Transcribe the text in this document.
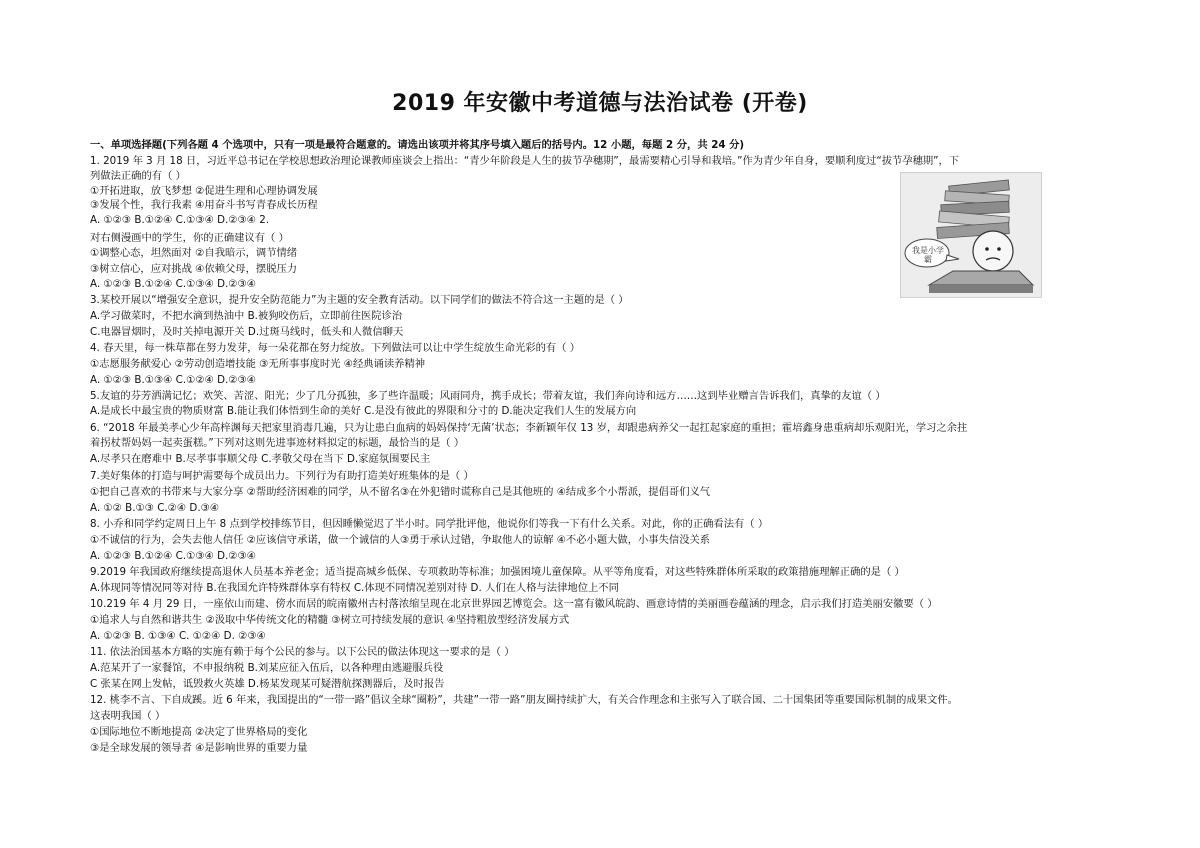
2019 年安徽中考道德与法治试卷 (开卷)
一、单项选择题(下列各题 4 个选项中，只有一项是最符合题意的。请选出该项并将其序号填入题后的括号内。12 小题，每题 2 分，共 24 分)
1. 2019 年 3 月 18 日，习近平总书记在学校思想政治理论课教师座谈会上指出：“青少年阶段是人生的拔节孕穗期”，最需要精心引导和栽培。”作为青少年自身，要顺利度过“拔节孕穗期”，下
列做法正确的有（ ）
①开拓进取，放飞梦想 ②促进生理和心理协调发展
③发展个性，我行我素 ④用奋斗书写青春成长历程
A. ①②③ B.①②④ C.①③④ D.②③④ 2.
对右侧漫画中的学生，你的正确建议有（ ）
①调整心态，坦然面对 ②自我暗示，调节情绪
③树立信心，应对挑战 ④依赖父母，摆脱压力
A. ①②③ B.①②④ C.①③④ D.②③④
3.某校开展以“增强安全意识，提升安全防范能力”为主题的安全教育活动。以下同学们的做法不符合这一主题的是（ ）
A.学习做菜时，不把水滴到热油中 B.被狗咬伤后，立即前往医院诊治
C.电器冒烟时，及时关掉电源开关 D.过斑马线时，低头和人微信聊天
4. 春天里，每一株草都在努力发芽，每一朵花都在努力绽放。下列做法可以让中学生绽放生命光彩的有（ ）
①志愿服务献爱心 ②劳动创造增技能 ③无所事事度时光 ④经典诵读养精神
A. ①②③ B.①③④ C.①②④ D.②③④
5.友谊的芬芳洒满记忆；欢笑、苦涩、阳光；少了几分孤独，多了些许温暖；风雨同舟，携手成长；带着友谊，我们奔向诗和远方……这到毕业赠言告诉我们，真挚的友谊（ ）
A.是成长中最宝贵的物质财富 B.能让我们体悟到生命的美好 C.是没有彼此的界限和分寸的 D.能决定我们人生的发展方向
6. “2018 年最美孝心少年高梓渊每天把家里消毒几遍，只为让患白血病的妈妈保持‘无菌’状态；李新颖年仅 13 岁，却跟患病养父一起扛起家庭的重担；霍培鑫身患重病却乐观阳光，学习之余拄
着拐杖帮妈妈一起卖蛋糕。”下列对这则先进事迹材料拟定的标题，最恰当的是（ ）
A.尽孝只在磨难中 B.尽孝事事顺父母 C.孝敬父母在当下 D.家庭氛围要民主
7.美好集体的打造与呵护需要每个成员出力。下列行为有助打造美好班集体的是（ ）
①把自己喜欢的书带来与大家分享 ②帮助经济困难的同学，从不留名③在外犯错时谎称自己是其他班的 ④结成多个小帮派，提倡哥们义气
A. ①② B.①③ C.②④ D.③④
8. 小乔和同学约定周日上午 8 点到学校排练节目，但因睡懒觉迟了半小时。同学批评他，他说你们等我一下有什么关系。对此，你的正确看法有（ ）
①不诚信的行为，会失去他人信任 ②应该信守承诺，做一个诚信的人③勇于承认过错，争取他人的谅解 ④不必小题大做，小事失信没关系
A. ①②③ B.①②④ C.①③④ D.②③④
9.2019 年我国政府继续提高退休人员基本养老金；适当提高城乡低保、专项救助等标准；加强困境儿童保障。从平等角度看，对这些特殊群体所采取的政策措施理解正确的是（ ）
A.体现同等情况同等对待 B.在我国允许特殊群体享有特权 C.体现不同情况差别对待 D. 人们在人格与法律地位上不同
10.219 年 4 月 29 日，一座依山而建、傍水而居的皖南徽州古村落浓缩呈现在北京世界园艺博览会。这一富有徽风皖韵、画意诗情的美丽画卷蕴涵的理念，启示我们打造美丽安徽要（ ）
①追求人与自然和谐共生 ②汲取中华传统文化的精髓 ③树立可持续发展的意识 ④坚持粗放型经济发展方式
A. ①②③ B. ①③④ C. ①②④ D. ②③④
11. 依法治国基本方略的实施有赖于每个公民的参与。以下公民的做法体现这一要求的是（ ）
A.范某开了一家餐馆，不申报纳税 B.刘某应征入伍后，以各种理由逃避服兵役
C 张某在网上发帖，诋毁救火英雄 D.杨某发现某可疑潜航探测器后，及时报告
12. 桃李不言、下自成蹊。近 6 年来，我国提出的“一带一路”倡议全球“圈粉”，共建”一带一路”朋友圈持续扩大，有关合作理念和主张写入了联合国、二十国集团等重要国际机制的成果文件。
这表明我国（ ）
①国际地位不断地提高 ②决定了世界格局的变化
③是全球发展的领导者 ④是影响世界的重要力量
我是小学霸
